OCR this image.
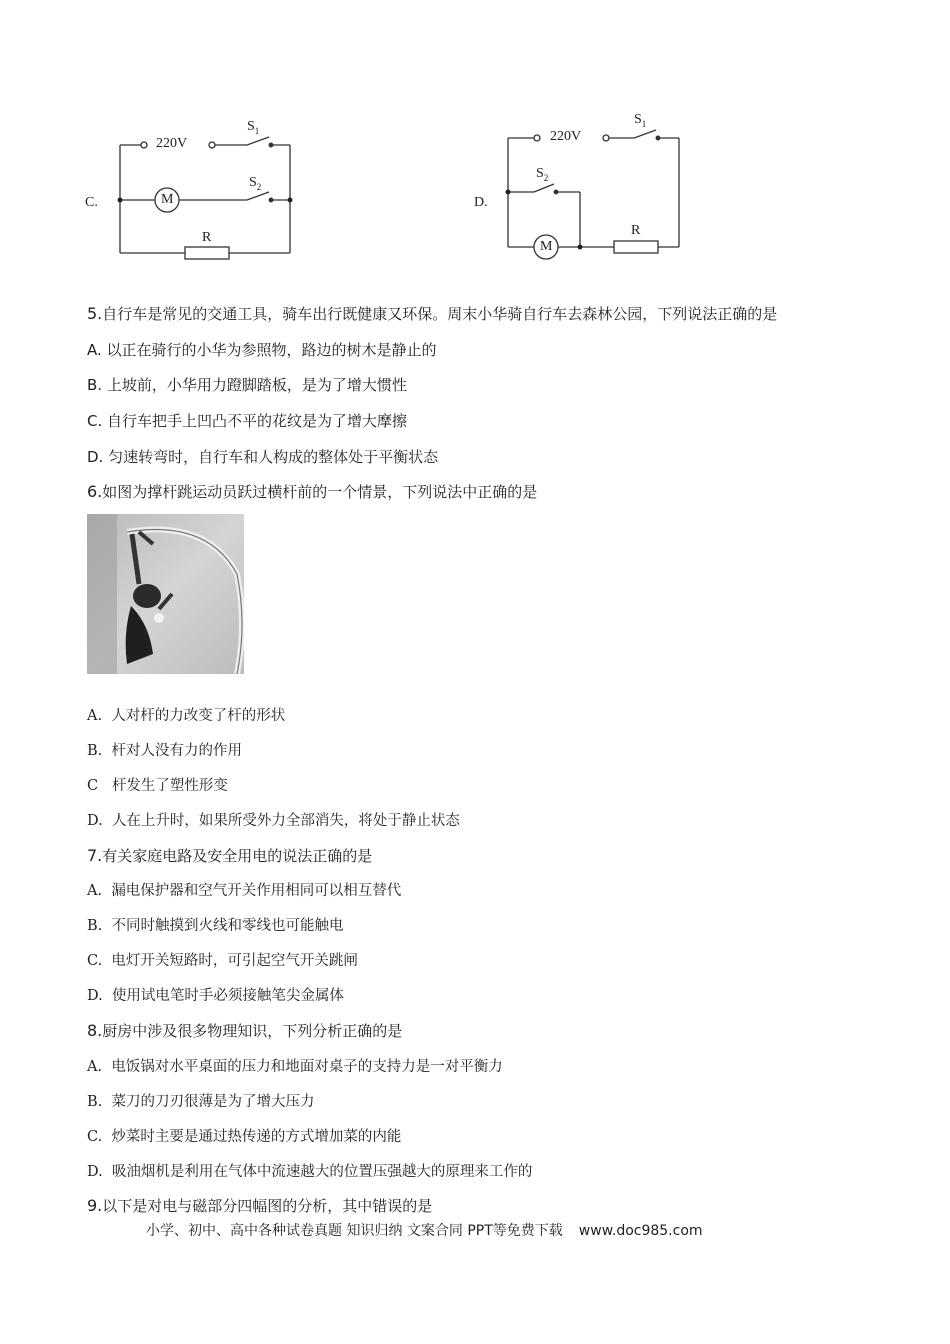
C.
220V
$S_1$
$S_2$
M
R
D.
220V
$S_1$
$S_2$
M
R
5.自行车是常见的交通工具，骑车出行既健康又环保。周末小华骑自行车去森林公园，下列说法正确的是
A. 以正在骑行的小华为参照物，路边的树木是静止的
B. 上坡前，小华用力蹬脚踏板，是为了增大惯性
C. 自行车把手上凹凸不平的花纹是为了增大摩擦
D. 匀速转弯时，自行车和人构成的整体处于平衡状态
6.如图为撑杆跳运动员跃过横杆前的一个情景，下列说法中正确的是
A. 人对杆的力改变了杆的形状
B. 杆对人没有力的作用
C 杆发生了塑性形变
D. 人在上升时，如果所受外力全部消失，将处于静止状态
7.有关家庭电路及安全用电的说法正确的是
A. 漏电保护器和空气开关作用相同可以相互替代
B. 不同时触摸到火线和零线也可能触电
C. 电灯开关短路时，可引起空气开关跳闸
D. 使用试电笔时手必须接触笔尖金属体
8.厨房中涉及很多物理知识，下列分析正确的是
A. 电饭锅对水平桌面的压力和地面对桌子的支持力是一对平衡力
B. 菜刀的刀刃很薄是为了增大压力
C. 炒菜时主要是通过热传递的方式增加菜的内能
D. 吸油烟机是利用在气体中流速越大的位置压强越大的原理来工作的
9.以下是对电与磁部分四幅图的分析，其中错误的是
小学、初中、高中各种试卷真题 知识归纳 文案合同 PPT等免费下载 www.doc985.com
